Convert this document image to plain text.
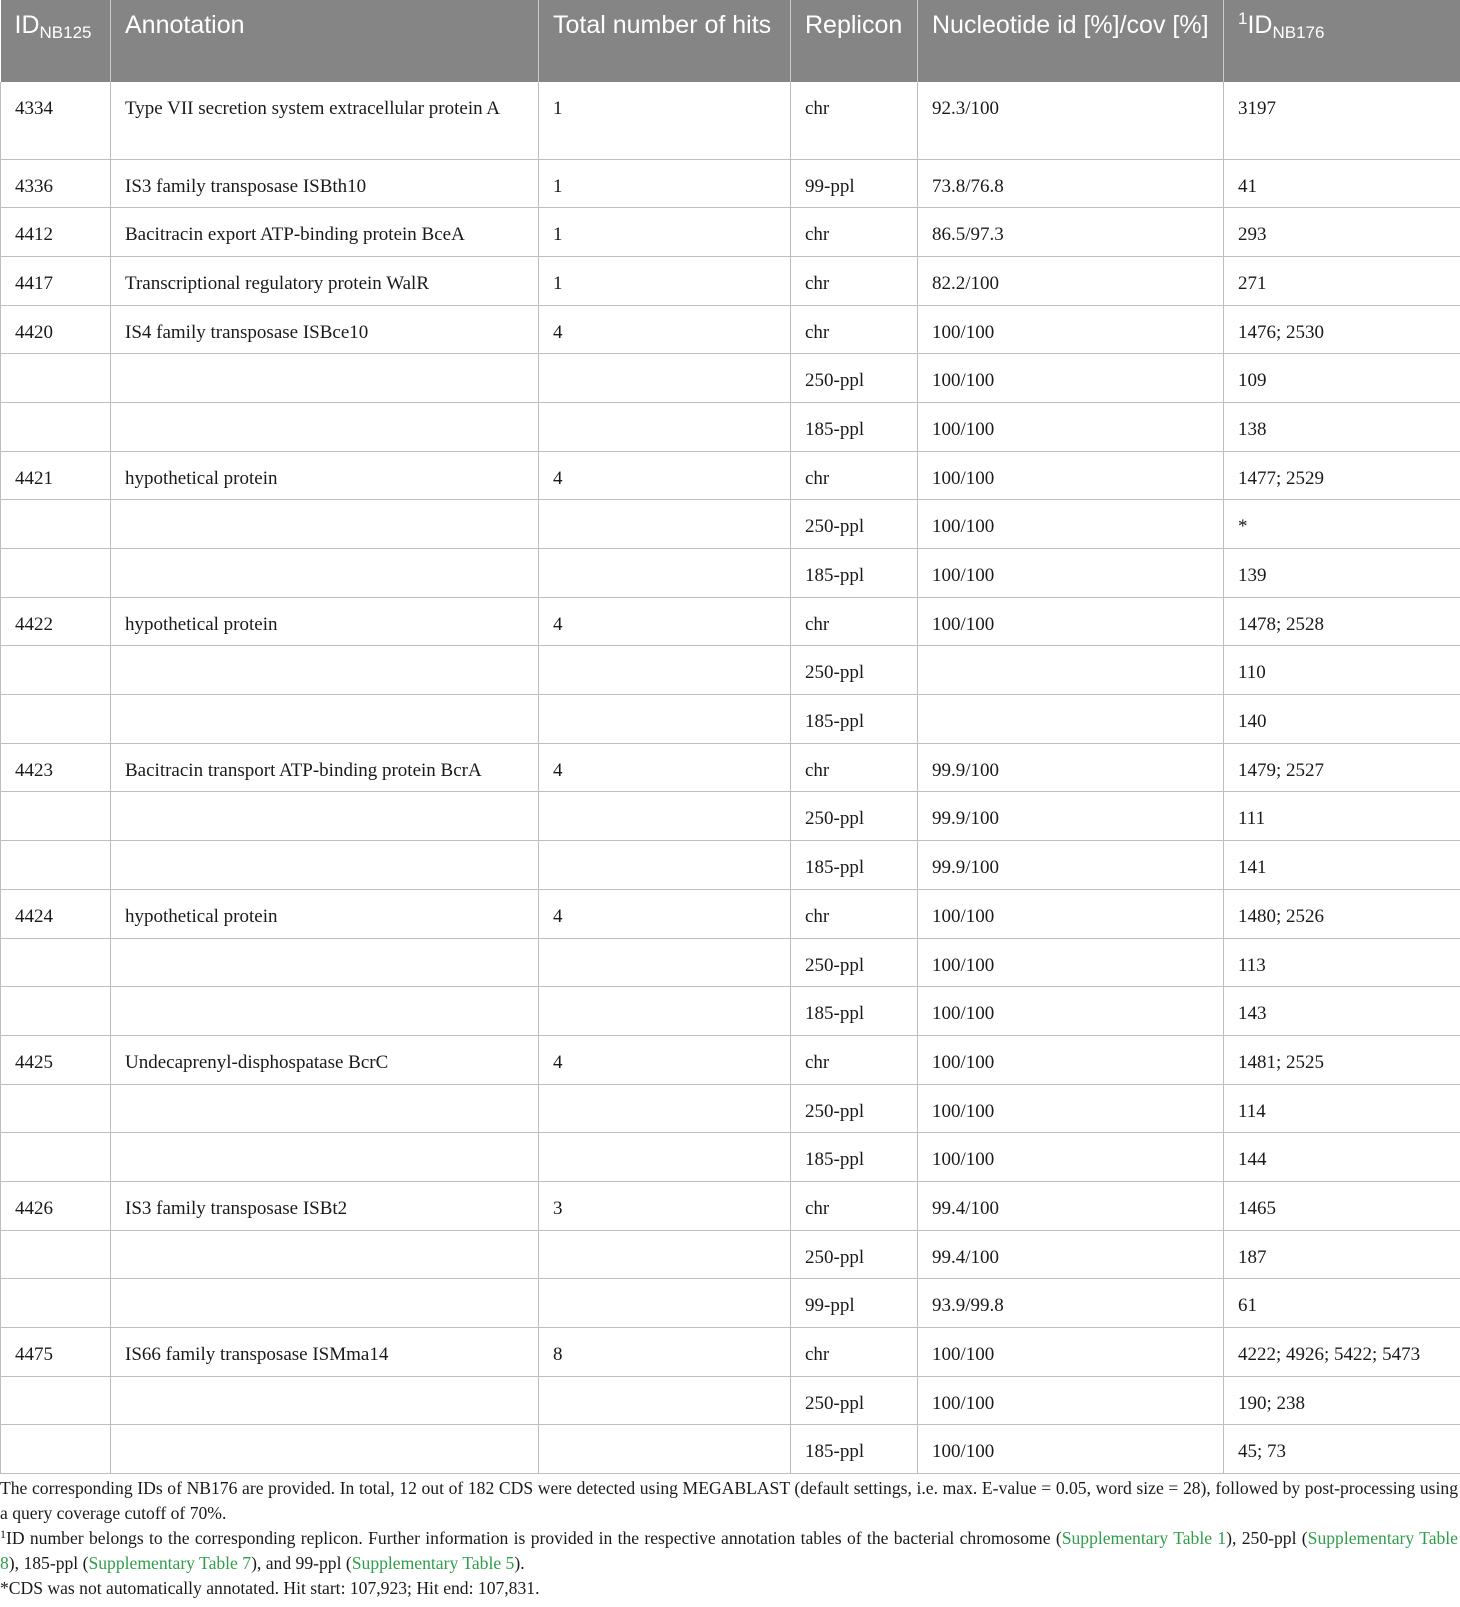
$ID_{NB125}$	Annotation	Total number of hits	Replicon	Nucleotide id [%]/cov [%]	$^1ID_{NB176}$
4334	Type VII secretion system extracellular protein A	1	chr	92.3/100	3197
4336	IS3 family transposase ISBth10	1	99-ppl	73.8/76.8	41
4412	Bacitracin export ATP-binding protein BceA	1	chr	86.5/97.3	293
4417	Transcriptional regulatory protein WalR	1	chr	82.2/100	271
4420	IS4 family transposase ISBce10	4	chr	100/100	1476; 2530
			250-ppl	100/100	109
			185-ppl	100/100	138
4421	hypothetical protein	4	chr	100/100	1477; 2529
			250-ppl	100/100	*
			185-ppl	100/100	139
4422	hypothetical protein	4	chr	100/100	1478; 2528
			250-ppl		110
			185-ppl		140
4423	Bacitracin transport ATP-binding protein BcrA	4	chr	99.9/100	1479; 2527
			250-ppl	99.9/100	111
			185-ppl	99.9/100	141
4424	hypothetical protein	4	chr	100/100	1480; 2526
			250-ppl	100/100	113
			185-ppl	100/100	143
4425	Undecaprenyl-disphospatase BcrC	4	chr	100/100	1481; 2525
			250-ppl	100/100	114
			185-ppl	100/100	144
4426	IS3 family transposase ISBt2	3	chr	99.4/100	1465
			250-ppl	99.4/100	187
			99-ppl	93.9/99.8	61
4475	IS66 family transposase ISMma14	8	chr	100/100	4222; 4926; 5422; 5473
			250-ppl	100/100	190; 238
			185-ppl	100/100	45; 73

The corresponding IDs of NB176 are provided. In total, 12 out of 182 CDS were detected using MEGABLAST (default settings, i.e. max. E-value = 0.05, word size = 28), followed by post-processing using a query coverage cutoff of 70%.

$^1$ID number belongs to the corresponding replicon. Further information is provided in the respective annotation tables of the bacterial chromosome (Supplementary Table 1), 250-ppl (Supplementary Table 8), 185-ppl (Supplementary Table 7), and 99-ppl (Supplementary Table 5).

*CDS was not automatically annotated. Hit start: 107,923; Hit end: 107,831.
